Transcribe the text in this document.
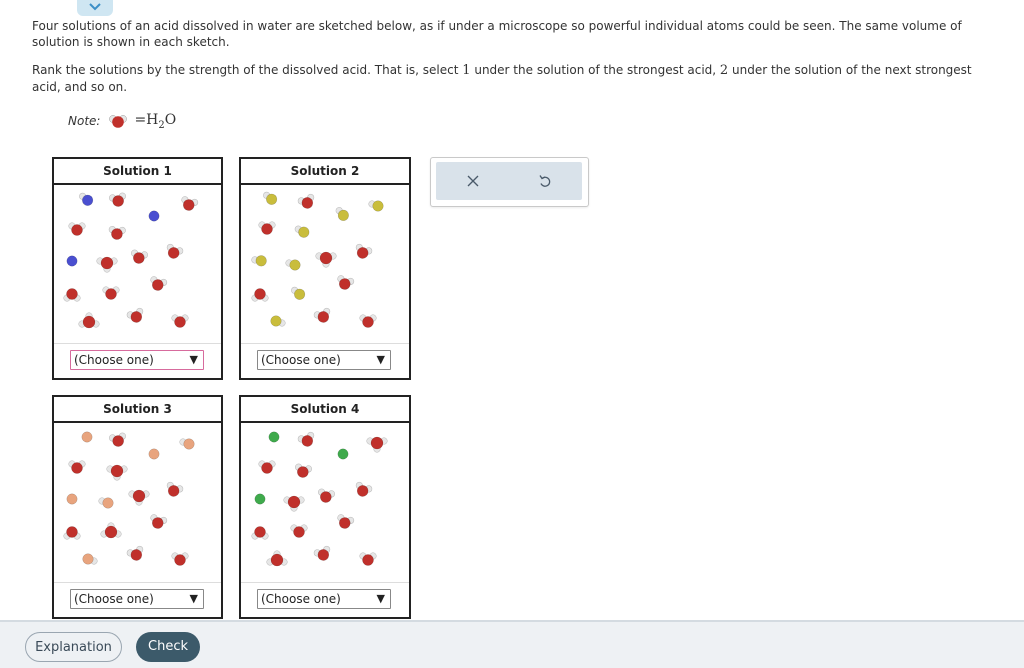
Four solutions of an acid dissolved in water are sketched below, as if under a microscope so powerful individual atoms could be seen. The same volume of solution is shown in each sketch.
Rank the solutions by the strength of the dissolved acid. That is, select 1 under the solution of the strongest acid, 2 under the solution of the next strongest acid, and so on.
Note: $=H_2O$
Solution 1
(Choose one)	▼
Solution 2
(Choose one)	▼
Solution 3
(Choose one)	▼
Solution 4
(Choose one)	▼
Explanation	Check
